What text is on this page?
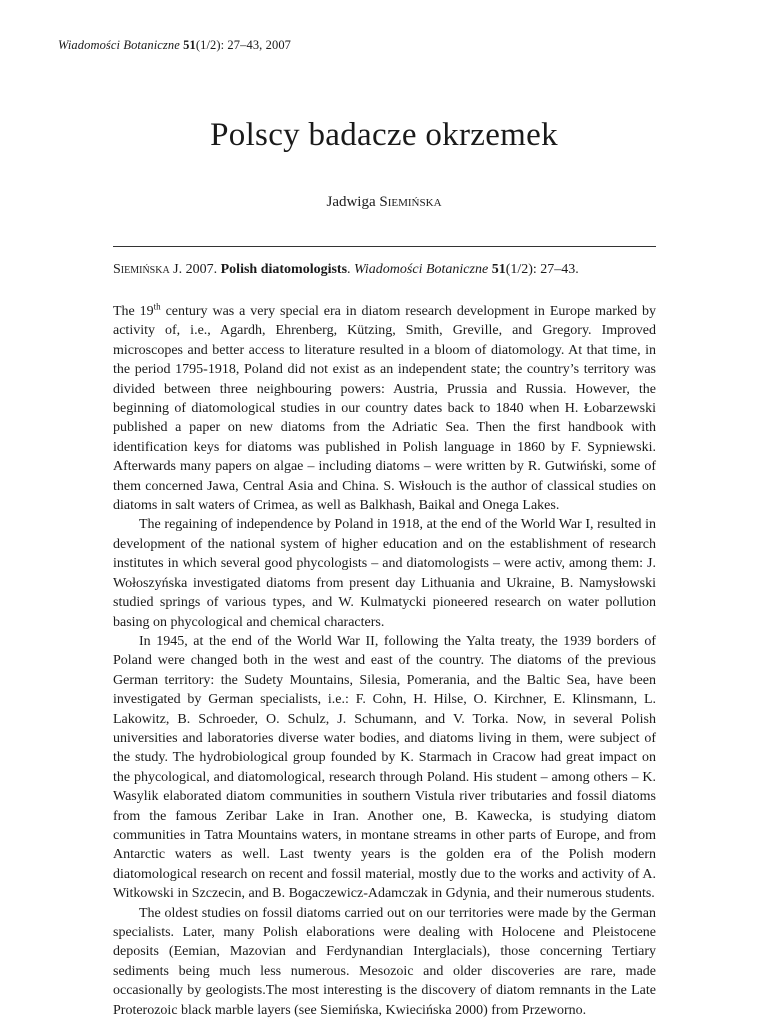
Wiadomości Botaniczne 51(1/2): 27–43, 2007
Polscy badacze okrzemek
Jadwiga Siemińska
Siemińska J. 2007. Polish diatomologists. Wiadomości Botaniczne 51(1/2): 27–43.

The 19th century was a very special era in diatom research development in Europe marked by activity of, i.e., Agardh, Ehrenberg, Kützing, Smith, Greville, and Gregory. Improved microscopes and better access to literature resulted in a bloom of diatomology. At that time, in the period 1795-1918, Poland did not exist as an independent state; the country’s territory was divided between three neighbouring powers: Austria, Prussia and Russia. However, the beginning of diatomological studies in our country dates back to 1840 when H. Łobarzewski published a paper on new diatoms from the Adriatic Sea. Then the first handbook with identification keys for diatoms was published in Polish language in 1860 by F. Sypniewski. Afterwards many papers on algae – including diatoms – were written by R. Gutwiński, some of them concerned Jawa, Central Asia and China. S. Wisłouch is the author of classical studies on diatoms in salt waters of Crimea, as well as Balkhash, Baikal and Onega Lakes.

The regaining of independence by Poland in 1918, at the end of the World War I, resulted in development of the national system of higher education and on the establishment of research institutes in which several good phycologists – and diatomologists – were activ, among them: J. Wołoszyńska investigated diatoms from present day Lithuania and Ukraine, B. Namysłowski studied springs of various types, and W. Kulmatycki pioneered research on water pollution basing on phycological and chemical characters.

In 1945, at the end of the World War II, following the Yalta treaty, the 1939 borders of Poland were changed both in the west and east of the country. The diatoms of the previous German territory: the Sudety Mountains, Silesia, Pomerania, and the Baltic Sea, have been investigated by German specialists, i.e.: F. Cohn, H. Hilse, O. Kirchner, E. Klinsmann, L. Lakowitz, B. Schroeder, O. Schulz, J. Schumann, and V. Torka. Now, in several Polish universities and laboratories diverse water bodies, and diatoms living in them, were subject of the study. The hydrobiological group founded by K. Starmach in Cracow had great impact on the phycological, and diatomological, research through Poland. His student – among others – K. Wasylik elaborated diatom communities in southern Vistula river tributaries and fossil diatoms from the famous Zeribar Lake in Iran. Another one, B. Kawecka, is studying diatom communities in Tatra Mountains waters, in montane streams in other parts of Europe, and from Antarctic waters as well. Last twenty years is the golden era of the Polish modern diatomological research on recent and fossil material, mostly due to the works and activity of A. Witkowski in Szczecin, and B. Bogaczewicz-Adamczak in Gdynia, and their numerous students.

The oldest studies on fossil diatoms carried out on our territories were made by the German specialists. Later, many Polish elaborations were dealing with Holocene and Pleistocene deposits (Eemian, Mazovian and Ferdynandian Interglacials), those concerning Tertiary sediments being much less numerous. Mesozoic and older discoveries are rare, made occasionally by geologists.The most interesting is the discovery of diatom remnants in the Late Proterozoic black marble layers (see Siemińska, Kwiecińska 2000) from Przeworno.
